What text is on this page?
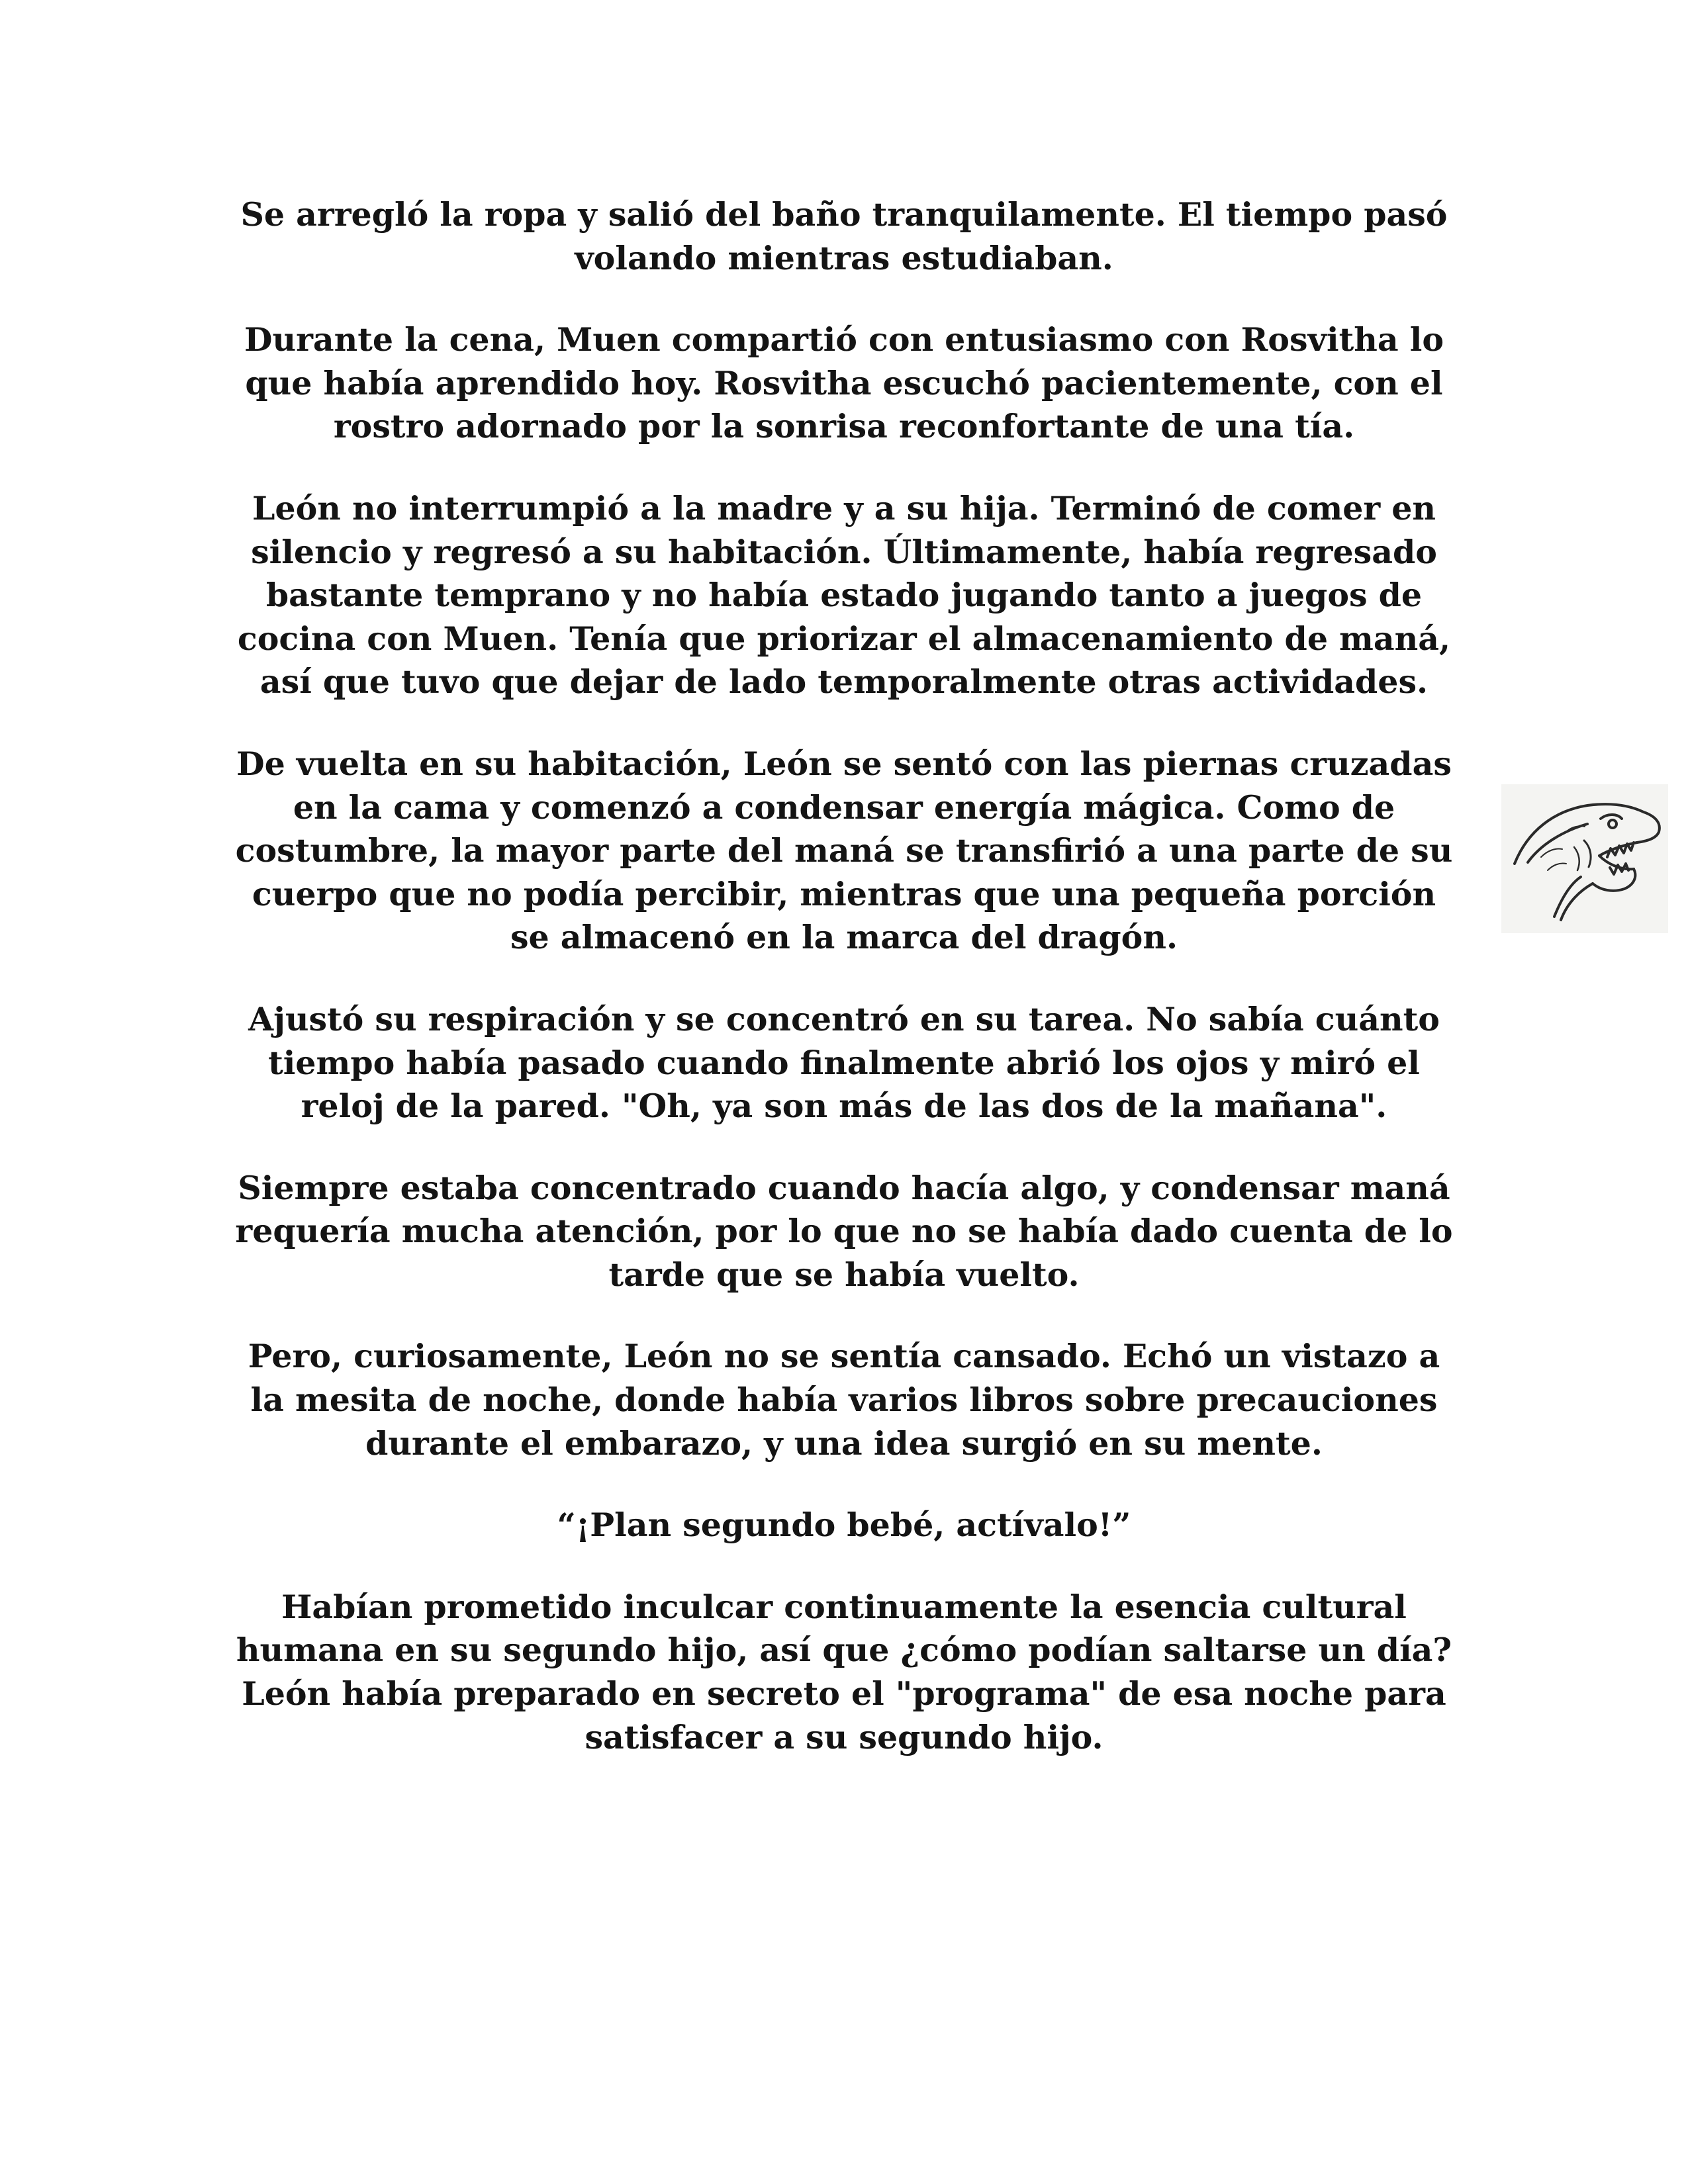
Se arregló la ropa y salió del baño tranquilamente. El tiempo pasó volando mientras estudiaban.

Durante la cena, Muen compartió con entusiasmo con Rosvitha lo que había aprendido hoy. Rosvitha escuchó pacientemente, con el rostro adornado por la sonrisa reconfortante de una tía.

León no interrumpió a la madre y a su hija. Terminó de comer en silencio y regresó a su habitación. Últimamente, había regresado bastante temprano y no había estado jugando tanto a juegos de cocina con Muen. Tenía que priorizar el almacenamiento de maná, así que tuvo que dejar de lado temporalmente otras actividades.

De vuelta en su habitación, León se sentó con las piernas cruzadas en la cama y comenzó a condensar energía mágica. Como de costumbre, la mayor parte del maná se transfirió a una parte de su cuerpo que no podía percibir, mientras que una pequeña porción se almacenó en la marca del dragón.

Ajustó su respiración y se concentró en su tarea. No sabía cuánto tiempo había pasado cuando finalmente abrió los ojos y miró el reloj de la pared. "Oh, ya son más de las dos de la mañana".

Siempre estaba concentrado cuando hacía algo, y condensar maná requería mucha atención, por lo que no se había dado cuenta de lo tarde que se había vuelto.

Pero, curiosamente, León no se sentía cansado. Echó un vistazo a la mesita de noche, donde había varios libros sobre precauciones durante el embarazo, y una idea surgió en su mente.

“¡Plan segundo bebé, actívalo!”

Habían prometido inculcar continuamente la esencia cultural humana en su segundo hijo, así que ¿cómo podían saltarse un día? León había preparado en secreto el "programa" de esa noche para satisfacer a su segundo hijo.
